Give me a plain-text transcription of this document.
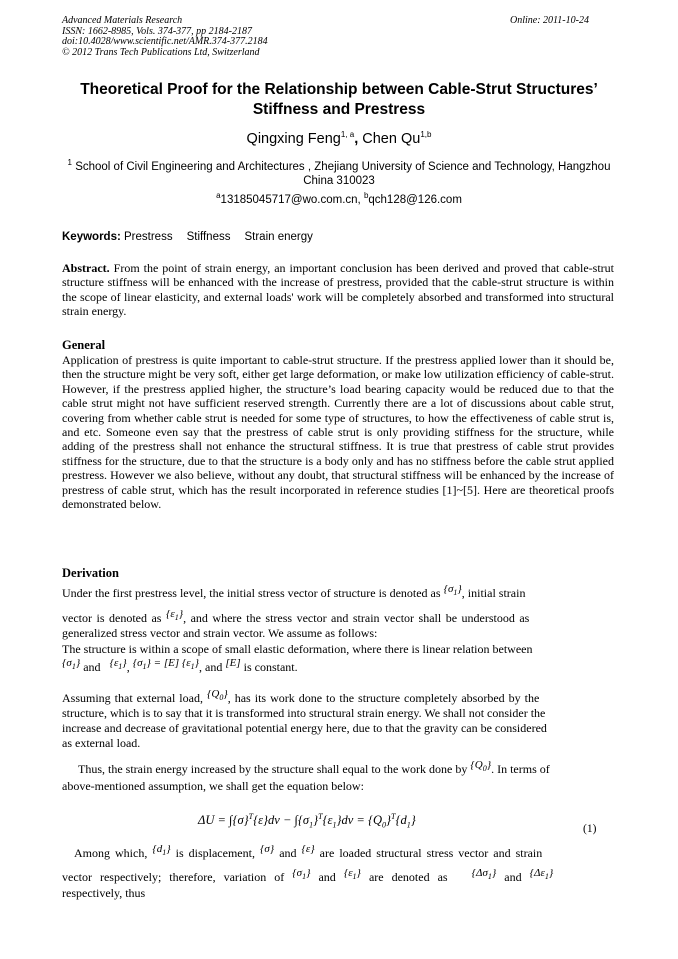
Advanced Materials Research
ISSN: 1662-8985, Vols. 374-377, pp 2184-2187
doi:10.4028/www.scientific.net/AMR.374-377.2184
© 2012 Trans Tech Publications Ltd, Switzerland
Online: 2011-10-24
Theoretical Proof for the Relationship between Cable-Strut Structures’ Stiffness and Prestress
Qingxing Feng$^{1, a}$, Chen Qu$^{1,b}$
$^1$ School of Civil Engineering and Architectures , Zhejiang University of Science and Technology, Hangzhou China 310023
$^a$13185045717@wo.com.cn, $^b$qch128@126.com
Keywords: Prestress Stiffness Strain energy
Abstract. From the point of strain energy, an important conclusion has been derived and proved that cable-strut structure stiffness will be enhanced with the increase of prestress, provided that the cable-strut structure is within the scope of linear elasticity, and external loads' work will be completely absorbed and transformed into structural strain energy.
General
Application of prestress is quite important to cable-strut structure. If the prestress applied lower than it should be, then the structure might be very soft, either get large deformation, or make low utilization efficiency of cable-strut. However, if the prestress applied higher, the structure’s load bearing capacity would be reduced due to that the cable strut might not have sufficient reserved strength. Currently there are a lot of discussions about cable strut, covering from whether cable strut is needed for some type of structures, to how the effectiveness of cable strut is, and etc. Someone even say that the prestress of cable strut is only providing stiffness for the structure, while adding of the prestress shall not enhance the structural stiffness. It is true that prestress of cable strut provides stiffness for the structure, due to that the structure is a body only and has no stiffness before the cable strut applied prestress. However we also believe, without any doubt, that structural stiffness will be enhanced by the increase of prestress of cable strut, which has the result incorporated in reference studies [1]~[5]. Here are theoretical proofs demonstrated below.
Derivation
Under the first prestress level, the initial stress vector of structure is denoted as $\{\sigma_1\}$, initial strain
vector is denoted as $\{\varepsilon_1\}$, and where the stress vector and strain vector shall be understood as
generalized stress vector and strain vector. We assume as follows:
The structure is within a scope of small elastic deformation, where there is linear relation between
$\{\sigma_1\}$ and   $\{\varepsilon_1\}$, $\{\sigma_1\} = [E]$ $\{\varepsilon_1\}$, and [E] is constant.
Assuming that external load, $\{Q_0\}$, has its work done to the structure completely absorbed by the
structure, which is to say that it is transformed into structural strain energy. We shall not consider the
increase and decrease of gravitational potential energy here, due to that the gravity can be considered
as external load.
Thus, the strain energy increased by the structure shall equal to the work done by $\{Q_0\}$. In terms of
above-mentioned assumption, we shall get the equation below:
$\Delta U = \int\{\sigma\}^T\{\varepsilon\}dv - \int\{\sigma_1\}^T\{\varepsilon_1\}dv = \{Q_0\}^T\{d_1\}$
(1)
Among which, $\{d_1\}$ is displacement, {σ} and {ε} are loaded structural stress vector and strain
vector respectively; therefore, variation of $\{\sigma_1\}$ and $\{\varepsilon_1\}$ are denoted as   $\{\Delta\sigma_1\}$ and $\{\Delta\varepsilon_1\}$
respectively, thus
